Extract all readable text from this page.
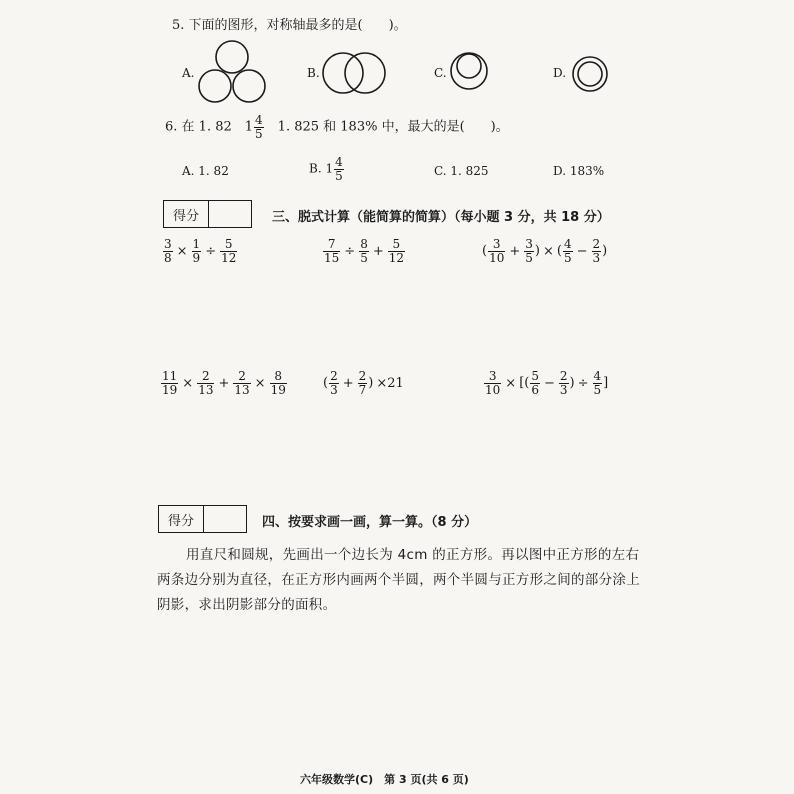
5. 下面的图形，对称轴最多的是(　　)。
A.	B.	C.	D.
6. 在 1. 82　$1 \frac{4}{5}$ 　1. 825 和 183% 中，最大的是(　　)。
A. 1. 82	B. $1 \frac{4}{5}$	C. 1. 825	D. 183%
得分	三、脱式计算（能简算的简算）（每小题 3 分，共 18 分）
$\frac{3}{8} \times \frac{1}{9} \div \frac{5}{12}$	$\frac{7}{15} \div \frac{8}{5} + \frac{5}{12}$	( $\frac{3}{10} + \frac{3}{5}$ ) × ( $\frac{4}{5} - \frac{2}{3}$ )
$\frac{11}{19} \times \frac{2}{13} + \frac{2}{13} \times \frac{8}{19}$	( $\frac{2}{3} + \frac{2}{7}$ ) ×21	$\frac{3}{10}$ × [( $\frac{5}{6} - \frac{2}{3}$ ) ÷ $\frac{4}{5}$ ]
得分	四、按要求画一画，算一算。（8 分）
用直尺和圆规，先画出一个边长为 4cm 的正方形。再以图中正方形的左右
两条边分别为直径，在正方形内画两个半圆，两个半圆与正方形之间的部分涂上
阴影，求出阴影部分的面积。
六年级数学(C)　第 3 页(共 6 页)
